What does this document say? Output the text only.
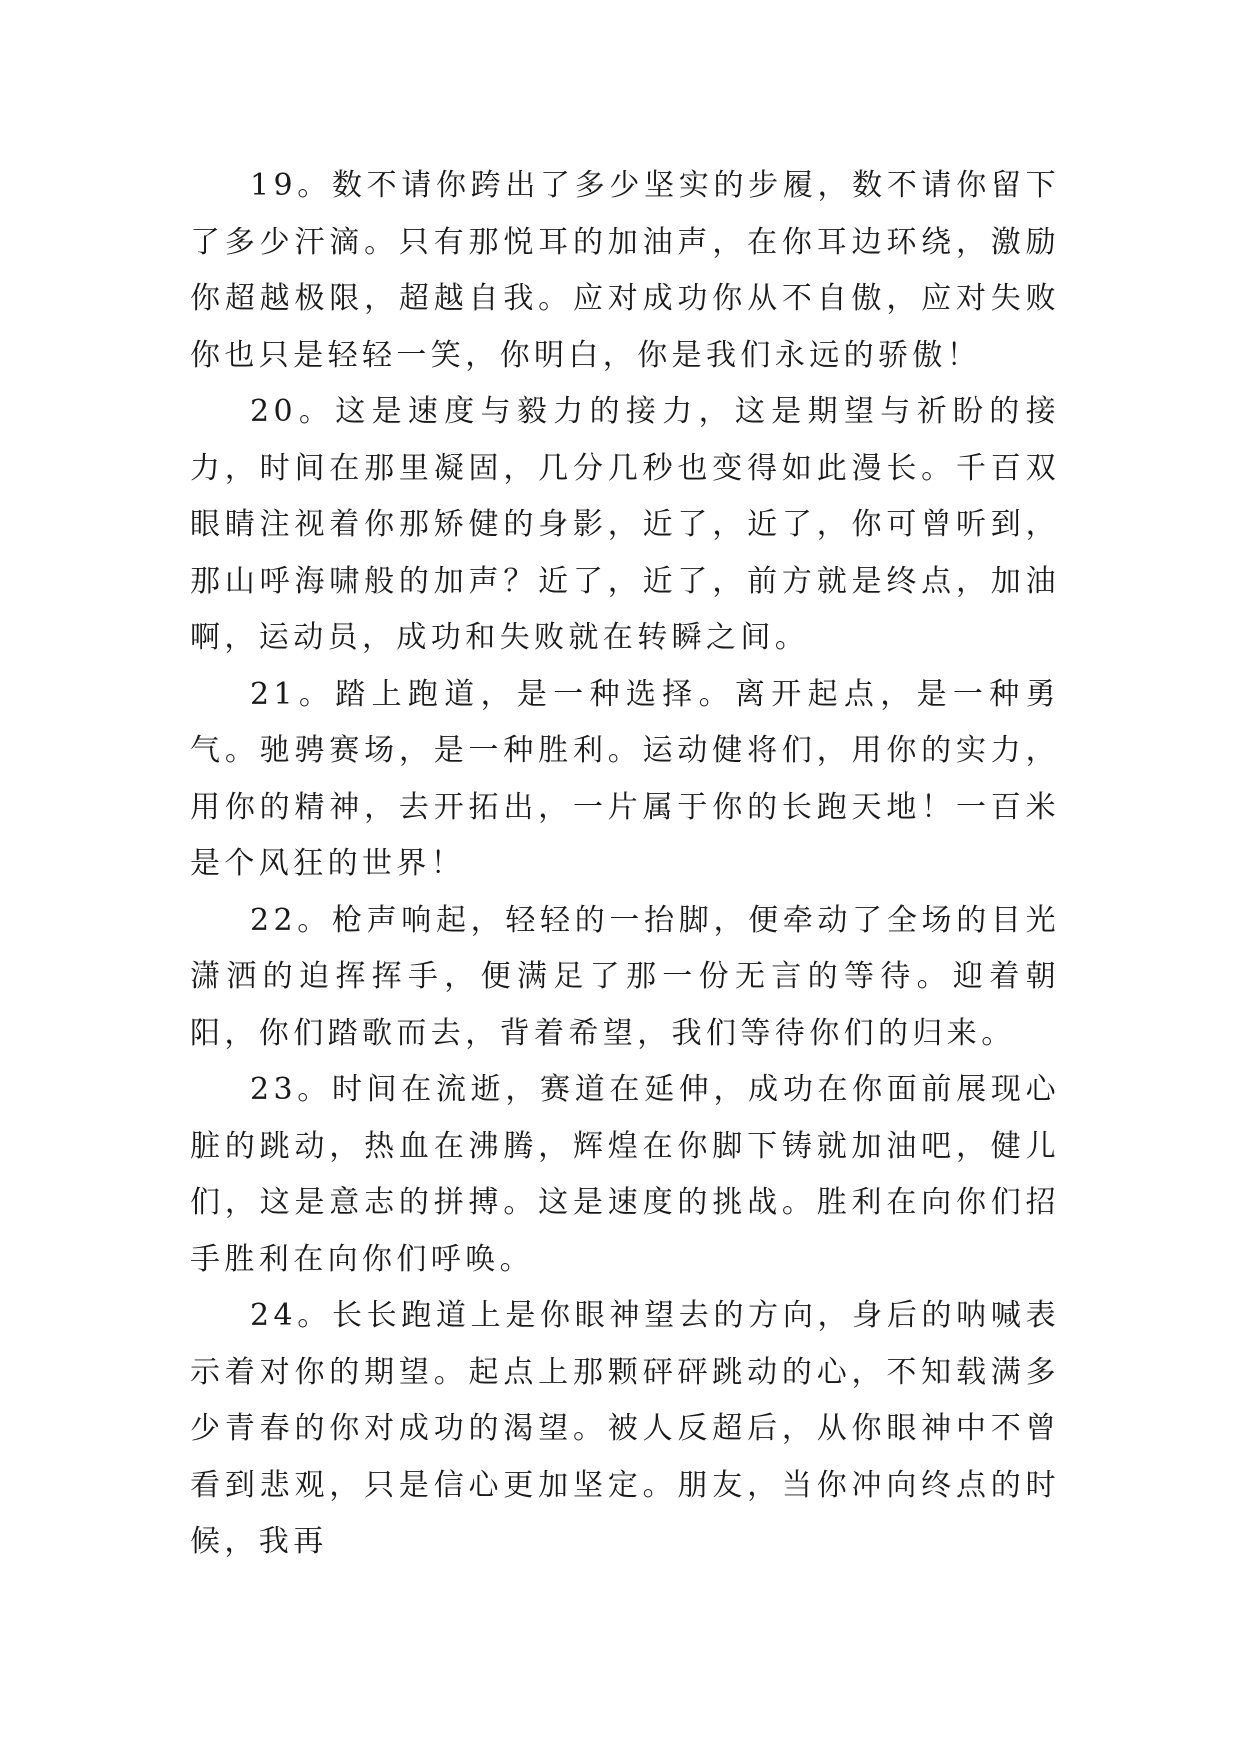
19。数不请你跨出了多少坚实的步履，数不请你留下了多少汗滴。只有那悦耳的加油声，在你耳边环绕，激励你超越极限，超越自我。应对成功你从不自傲，应对失败你也只是轻轻一笑，你明白，你是我们永远的骄傲！

20。这是速度与毅力的接力，这是期望与祈盼的接力，时间在那里凝固，几分几秒也变得如此漫长。千百双眼睛注视着你那矫健的身影，近了，近了，你可曾听到，那山呼海啸般的加声？近了，近了，前方就是终点，加油啊，运动员，成功和失败就在转瞬之间。

21。踏上跑道，是一种选择。离开起点，是一种勇气。驰骋赛场，是一种胜利。运动健将们，用你的实力，用你的精神，去开拓出，一片属于你的长跑天地！一百米是个风狂的世界！

22。枪声响起，轻轻的一抬脚，便牵动了全场的目光潇洒的迫挥挥手，便满足了那一份无言的等待。迎着朝阳，你们踏歌而去，背着希望，我们等待你们的归来。

23。时间在流逝，赛道在延伸，成功在你面前展现心脏的跳动，热血在沸腾，辉煌在你脚下铸就加油吧，健儿们，这是意志的拼搏。这是速度的挑战。胜利在向你们招手胜利在向你们呼唤。

24。长长跑道上是你眼神望去的方向，身后的呐喊表示着对你的期望。起点上那颗砰砰跳动的心，不知载满多少青春的你对成功的渴望。被人反超后，从你眼神中不曾看到悲观，只是信心更加坚定。朋友，当你冲向终点的时候，我再
